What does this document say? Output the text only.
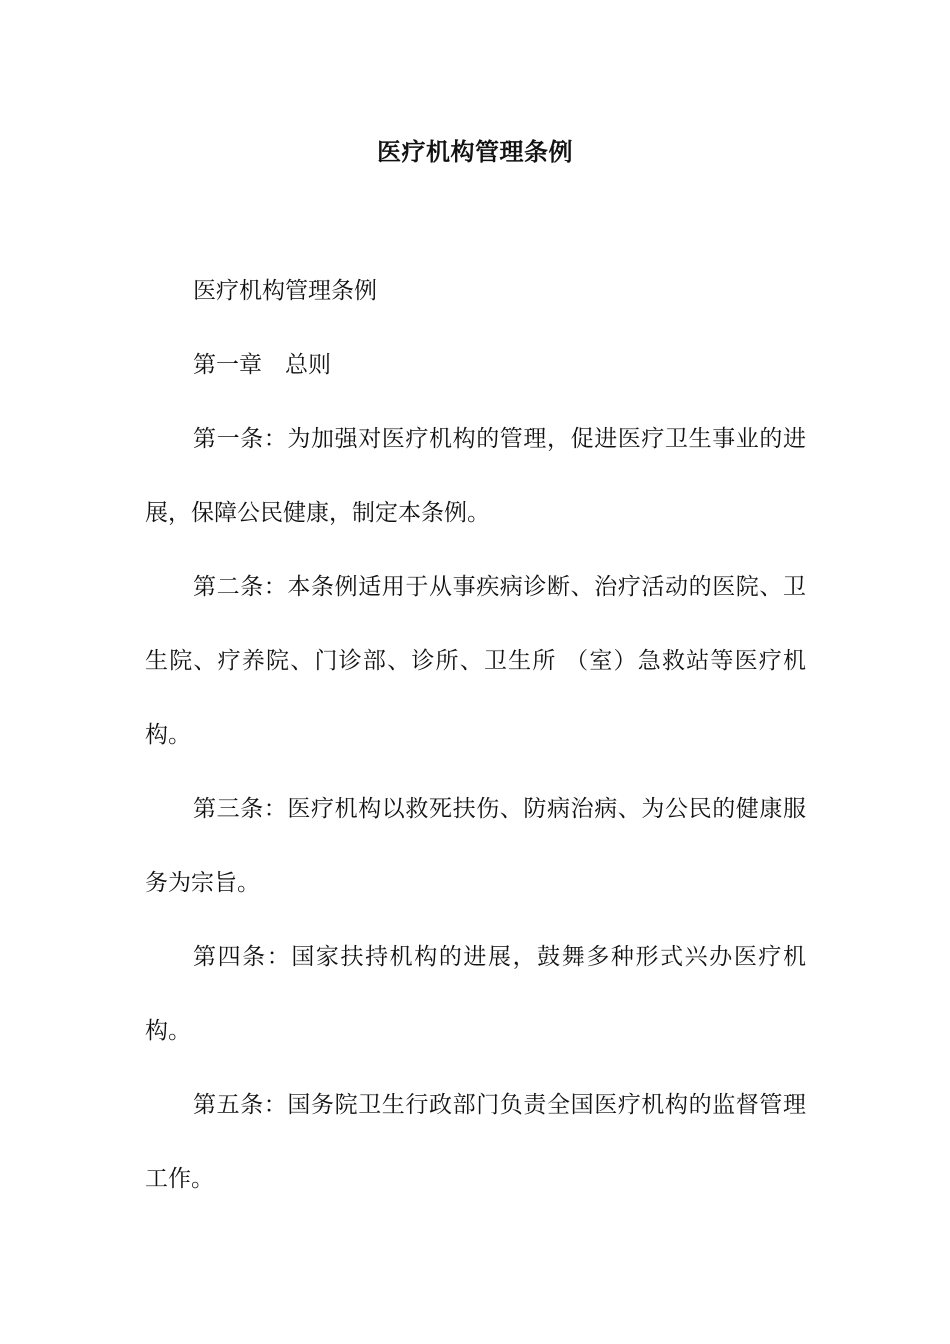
医疗机构管理条例

医疗机构管理条例

第一章　总则

第一条：为加强对医疗机构的管理，促进医疗卫生事业的进展，保障公民健康，制定本条例。

第二条：本条例适用于从事疾病诊断、治疗活动的医院、卫生院、疗养院、门诊部、诊所、卫生所 （室）急救站等医疗机构。

第三条：医疗机构以救死扶伤、防病治病、为公民的健康服务为宗旨。

第四条：国家扶持机构的进展，鼓舞多种形式兴办医疗机构。

第五条：国务院卫生行政部门负责全国医疗机构的监督管理工作。
